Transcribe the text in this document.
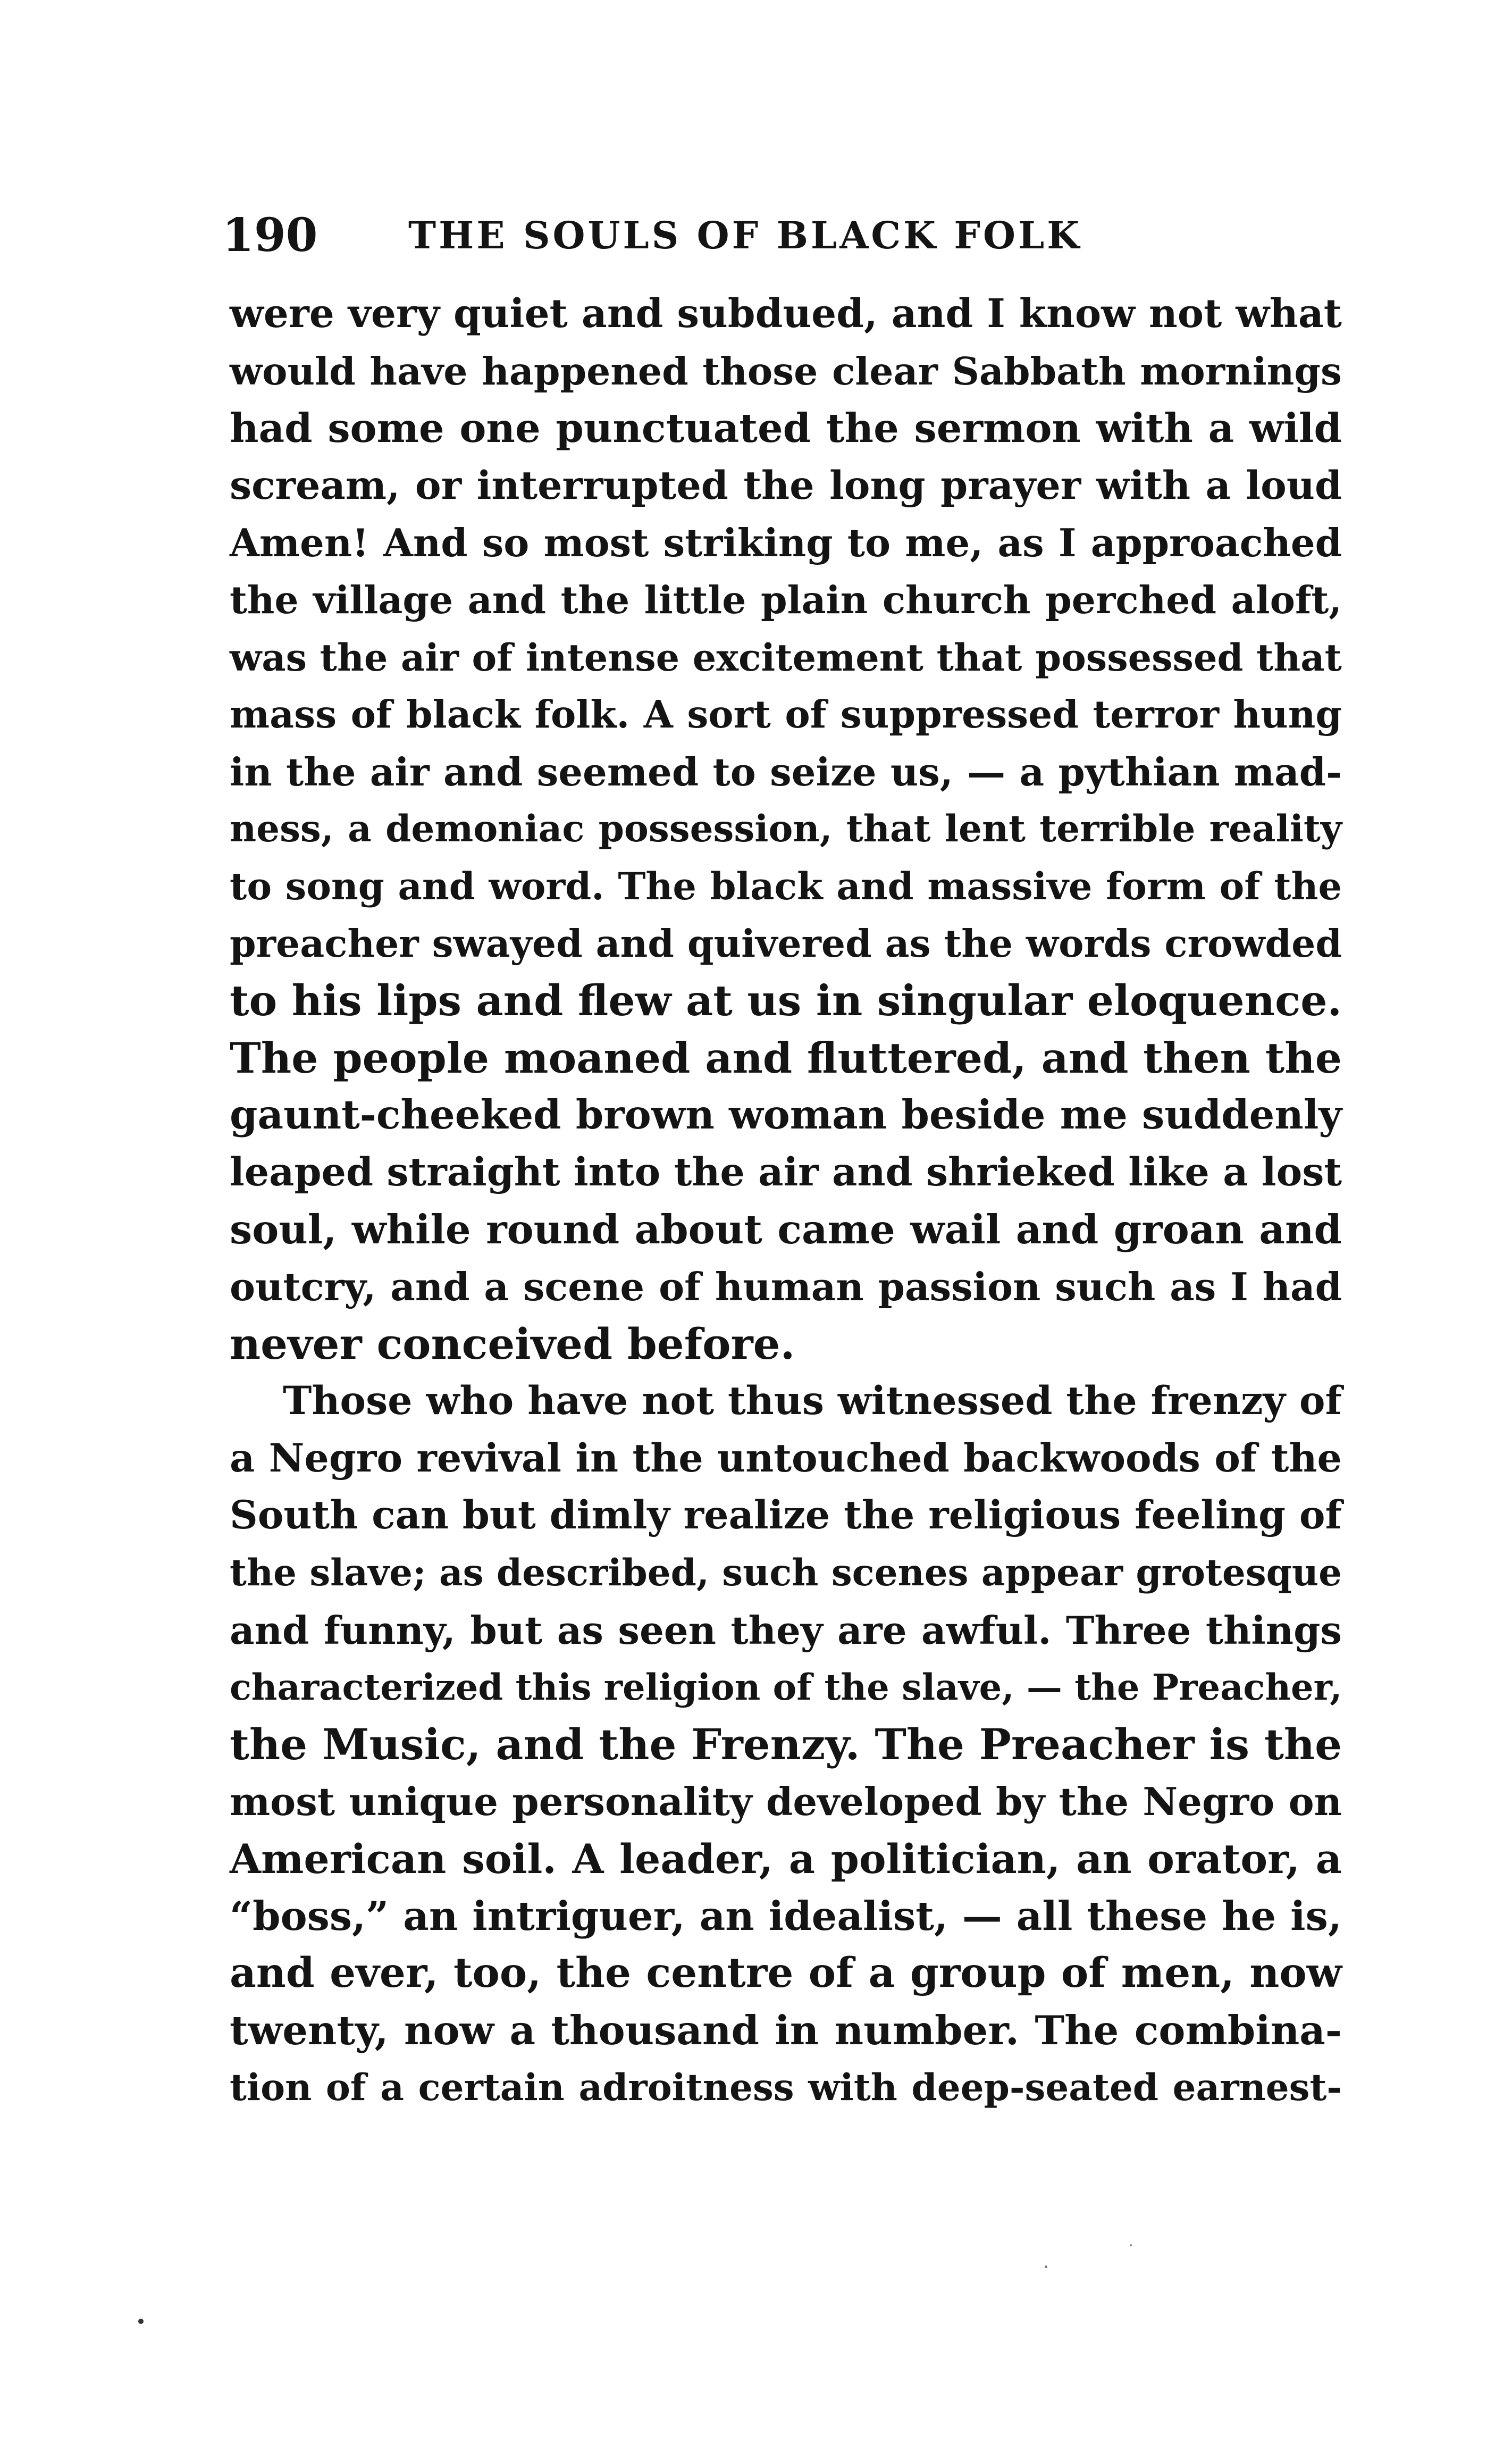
190 THE SOULS OF BLACK FOLK
were very quiet and subdued, and I know not what
would have happened those clear Sabbath mornings
had some one punctuated the sermon with a wild
scream, or interrupted the long prayer with a loud
Amen! And so most striking to me, as I approached
the village and the little plain church perched aloft,
was the air of intense excitement that possessed that
mass of black folk. A sort of suppressed terror hung
in the air and seemed to seize us, — a pythian mad-
ness, a demoniac possession, that lent terrible reality
to song and word. The black and massive form of the
preacher swayed and quivered as the words crowded
to his lips and flew at us in singular eloquence.
The people moaned and fluttered, and then the
gaunt-cheeked brown woman beside me suddenly
leaped straight into the air and shrieked like a lost
soul, while round about came wail and groan and
outcry, and a scene of human passion such as I had
never conceived before.
Those who have not thus witnessed the frenzy of
a Negro revival in the untouched backwoods of the
South can but dimly realize the religious feeling of
the slave; as described, such scenes appear grotesque
and funny, but as seen they are awful. Three things
characterized this religion of the slave, — the Preacher,
the Music, and the Frenzy. The Preacher is the
most unique personality developed by the Negro on
American soil. A leader, a politician, an orator, a
“boss,” an intriguer, an idealist, — all these he is,
and ever, too, the centre of a group of men, now
twenty, now a thousand in number. The combina-
tion of a certain adroitness with deep-seated earnest-
